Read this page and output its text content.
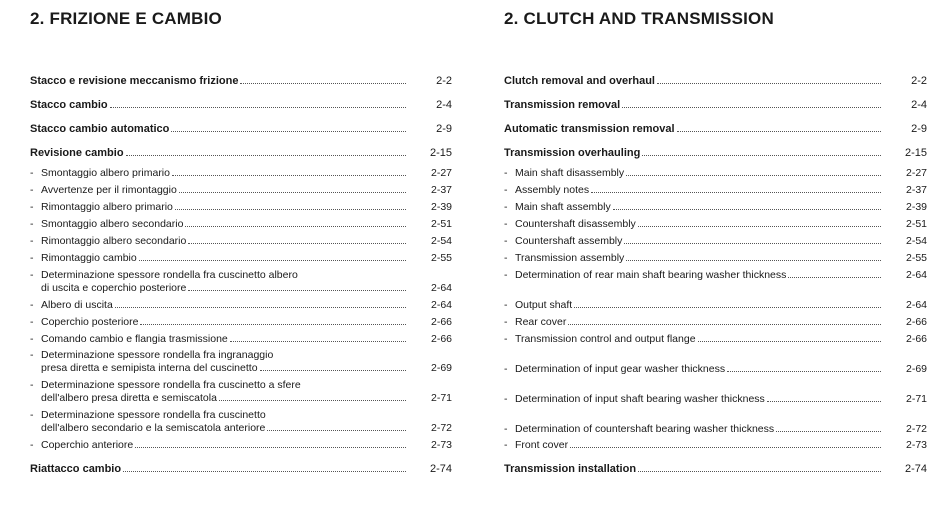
2. FRIZIONE E CAMBIO
Stacco e revisione meccanismo frizione	2-2
Stacco cambio	2-4
Stacco cambio automatico	2-9
Revisione cambio	2-15
- Smontaggio albero primario	2-27
- Avvertenze per il rimontaggio	2-37
- Rimontaggio albero primario	2-39
- Smontaggio albero secondario	2-51
- Rimontaggio albero secondario	2-54
- Rimontaggio cambio	2-55
- Determinazione spessore rondella fra cuscinetto albero
di uscita e coperchio posteriore	2-64
- Albero di uscita	2-64
- Coperchio posteriore	2-66
- Comando cambio e flangia trasmissione	2-66
- Determinazione spessore rondella fra ingranaggio
presa diretta e semipista interna del cuscinetto	2-69
- Determinazione spessore rondella fra cuscinetto a sfere
dell'albero presa diretta e semiscatola	2-71
- Determinazione spessore rondella fra cuscinetto
dell'albero secondario e la semiscatola anteriore	2-72
- Coperchio anteriore	2-73
Riattacco cambio	2-74
2. CLUTCH AND TRANSMISSION
Clutch removal and overhaul	2-2
Transmission removal	2-4
Automatic transmission removal	2-9
Transmission overhauling	2-15
- Main shaft disassembly	2-27
- Assembly notes	2-37
- Main shaft assembly	2-39
- Countershaft disassembly	2-51
- Countershaft assembly	2-54
- Transmission assembly	2-55
- Determination of rear main shaft bearing washer thickness	2-64
- Output shaft	2-64
- Rear cover	2-66
- Transmission control and output flange	2-66
- Determination of input gear washer thickness	2-69
- Determination of input shaft bearing washer thickness	2-71
- Determination of countershaft bearing washer thickness	2-72
- Front cover	2-73
Transmission installation	2-74
